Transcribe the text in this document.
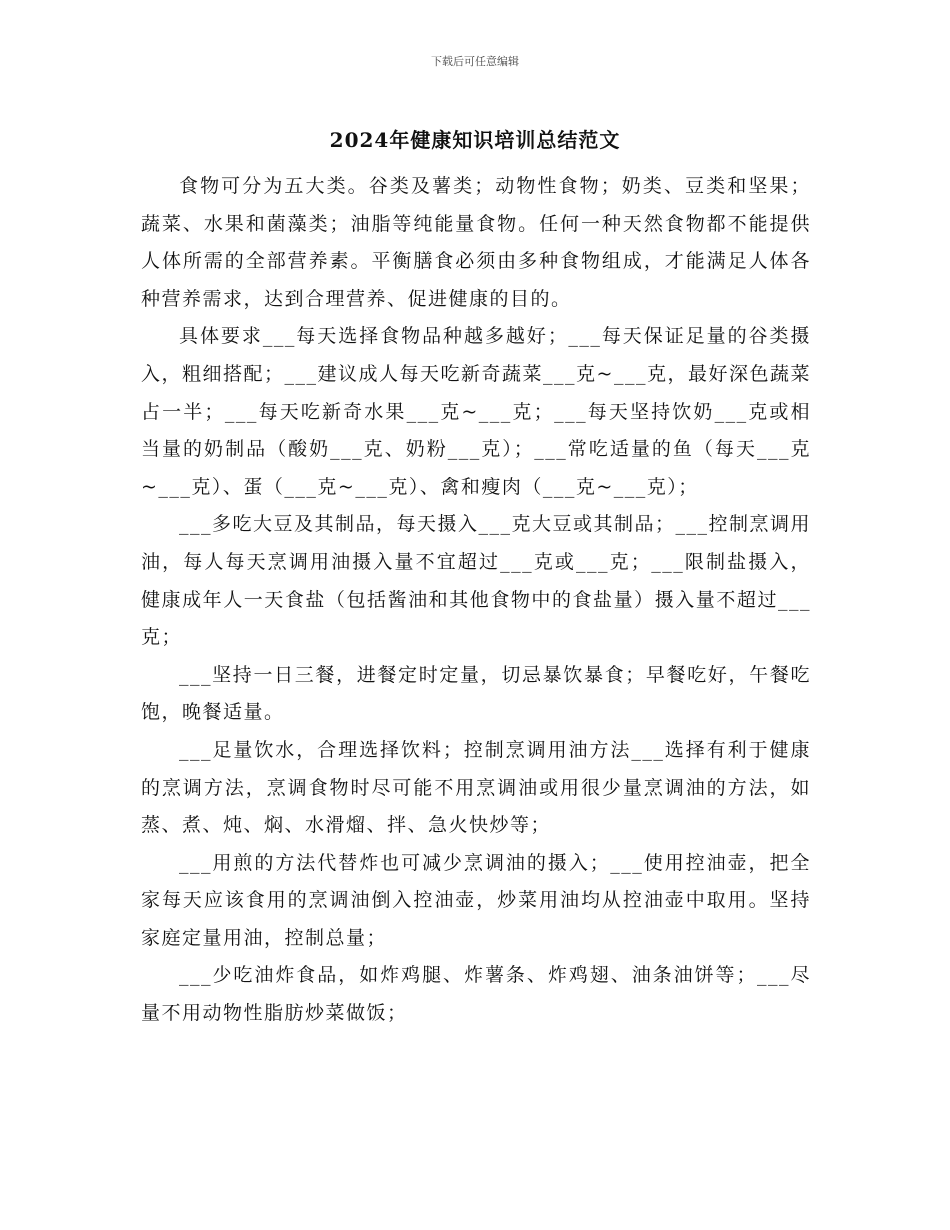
下载后可任意编辑
2024年健康知识培训总结范文

食物可分为五大类。谷类及薯类；动物性食物；奶类、豆类和坚果；蔬菜、水果和菌藻类；油脂等纯能量食物。任何一种天然食物都不能提供人体所需的全部营养素。平衡膳食必须由多种食物组成，才能满足人体各种营养需求，达到合理营养、促进健康的目的。

具体要求___每天选择食物品种越多越好；___每天保证足量的谷类摄入，粗细搭配；___建议成人每天吃新奇蔬菜___克~___克，最好深色蔬菜占一半；___每天吃新奇水果___克~___克；___每天坚持饮奶___克或相当量的奶制品（酸奶___克、奶粉___克）；___常吃适量的鱼（每天___克~___克）、蛋（___克~___克）、禽和瘦肉（___克~___克）；

___多吃大豆及其制品，每天摄入___克大豆或其制品；___控制烹调用油，每人每天烹调用油摄入量不宜超过___克或___克；___限制盐摄入，健康成年人一天食盐（包括酱油和其他食物中的食盐量）摄入量不超过___克；

___坚持一日三餐，进餐定时定量，切忌暴饮暴食；早餐吃好，午餐吃饱，晚餐适量。

___足量饮水，合理选择饮料；控制烹调用油方法___选择有利于健康的烹调方法，烹调食物时尽可能不用烹调油或用很少量烹调油的方法，如蒸、煮、炖、焖、水滑熘、拌、急火快炒等；

___用煎的方法代替炸也可减少烹调油的摄入；___使用控油壶，把全家每天应该食用的烹调油倒入控油壶，炒菜用油均从控油壶中取用。坚持家庭定量用油，控制总量；

___少吃油炸食品，如炸鸡腿、炸薯条、炸鸡翅、油条油饼等；___尽量不用动物性脂肪炒菜做饭；
